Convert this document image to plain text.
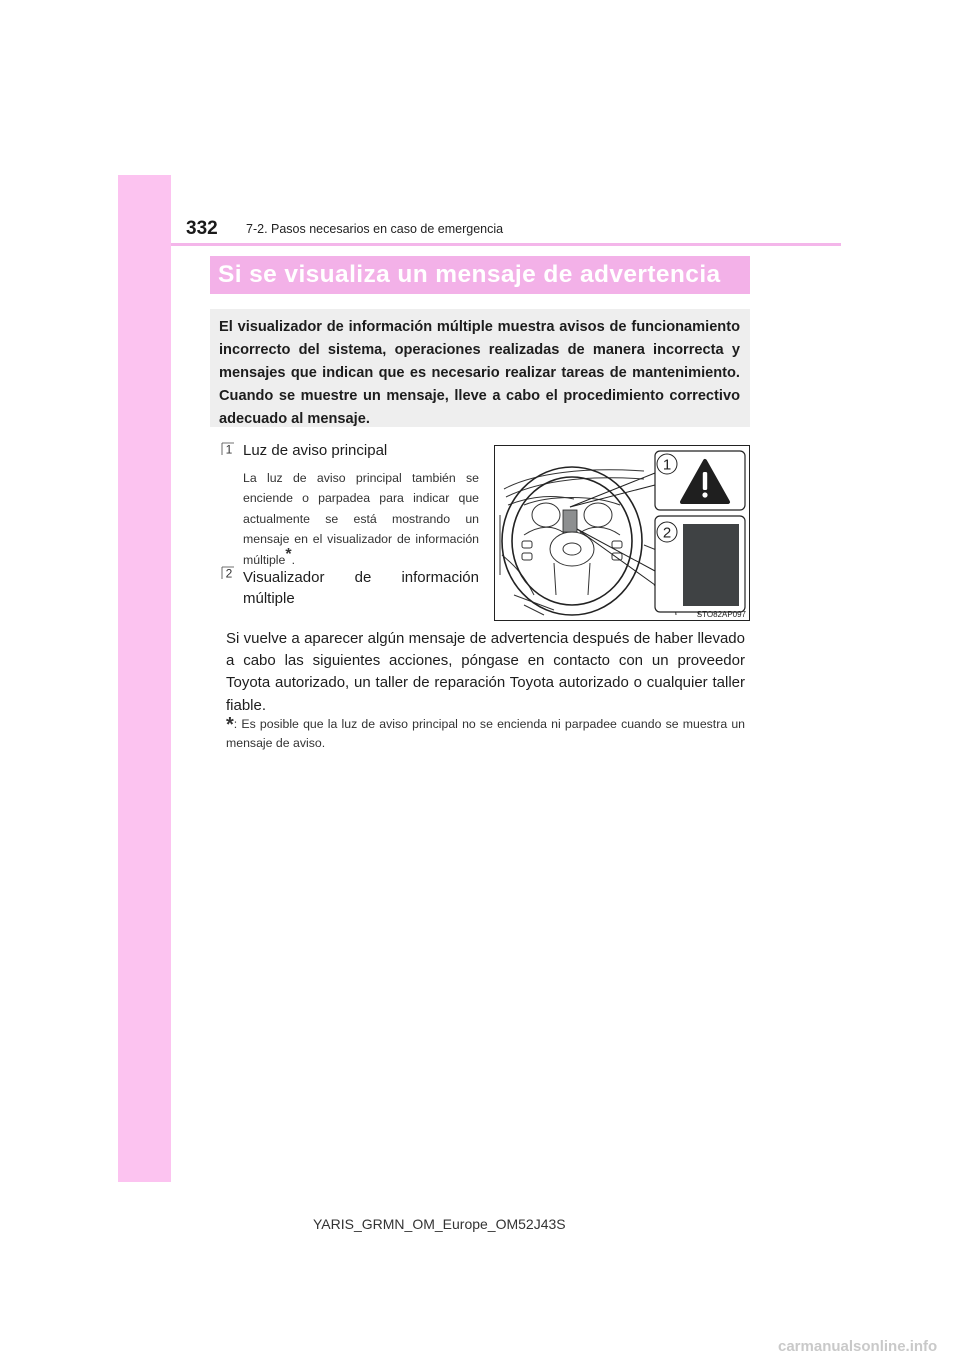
332 7-2. Pasos necesarios en caso de emergencia
Si se visualiza un mensaje de advertencia
El visualizador de información múltiple muestra avisos de funcionamiento incorrecto del sistema, operaciones realizadas de manera incorrecta y mensajes que indican que es necesario realizar tareas de mantenimiento. Cuando se muestre un mensaje, lleve a cabo el procedimiento correctivo adecuado al mensaje.
1 Luz de aviso principal
La luz de aviso principal también se enciende o parpadea para indicar que actualmente se está mostrando un mensaje en el visualizador de información múltiple*.
2 Visualizador de información múltiple
1
2
STO82AP097
Si vuelve a aparecer algún mensaje de advertencia después de haber llevado a cabo las siguientes acciones, póngase en contacto con un proveedor Toyota autorizado, un taller de reparación Toyota autorizado o cualquier taller fiable.
*: Es posible que la luz de aviso principal no se encienda ni parpadee cuando se muestra un mensaje de aviso.
YARIS_GRMN_OM_Europe_OM52J43S
carmanualsonline.info
